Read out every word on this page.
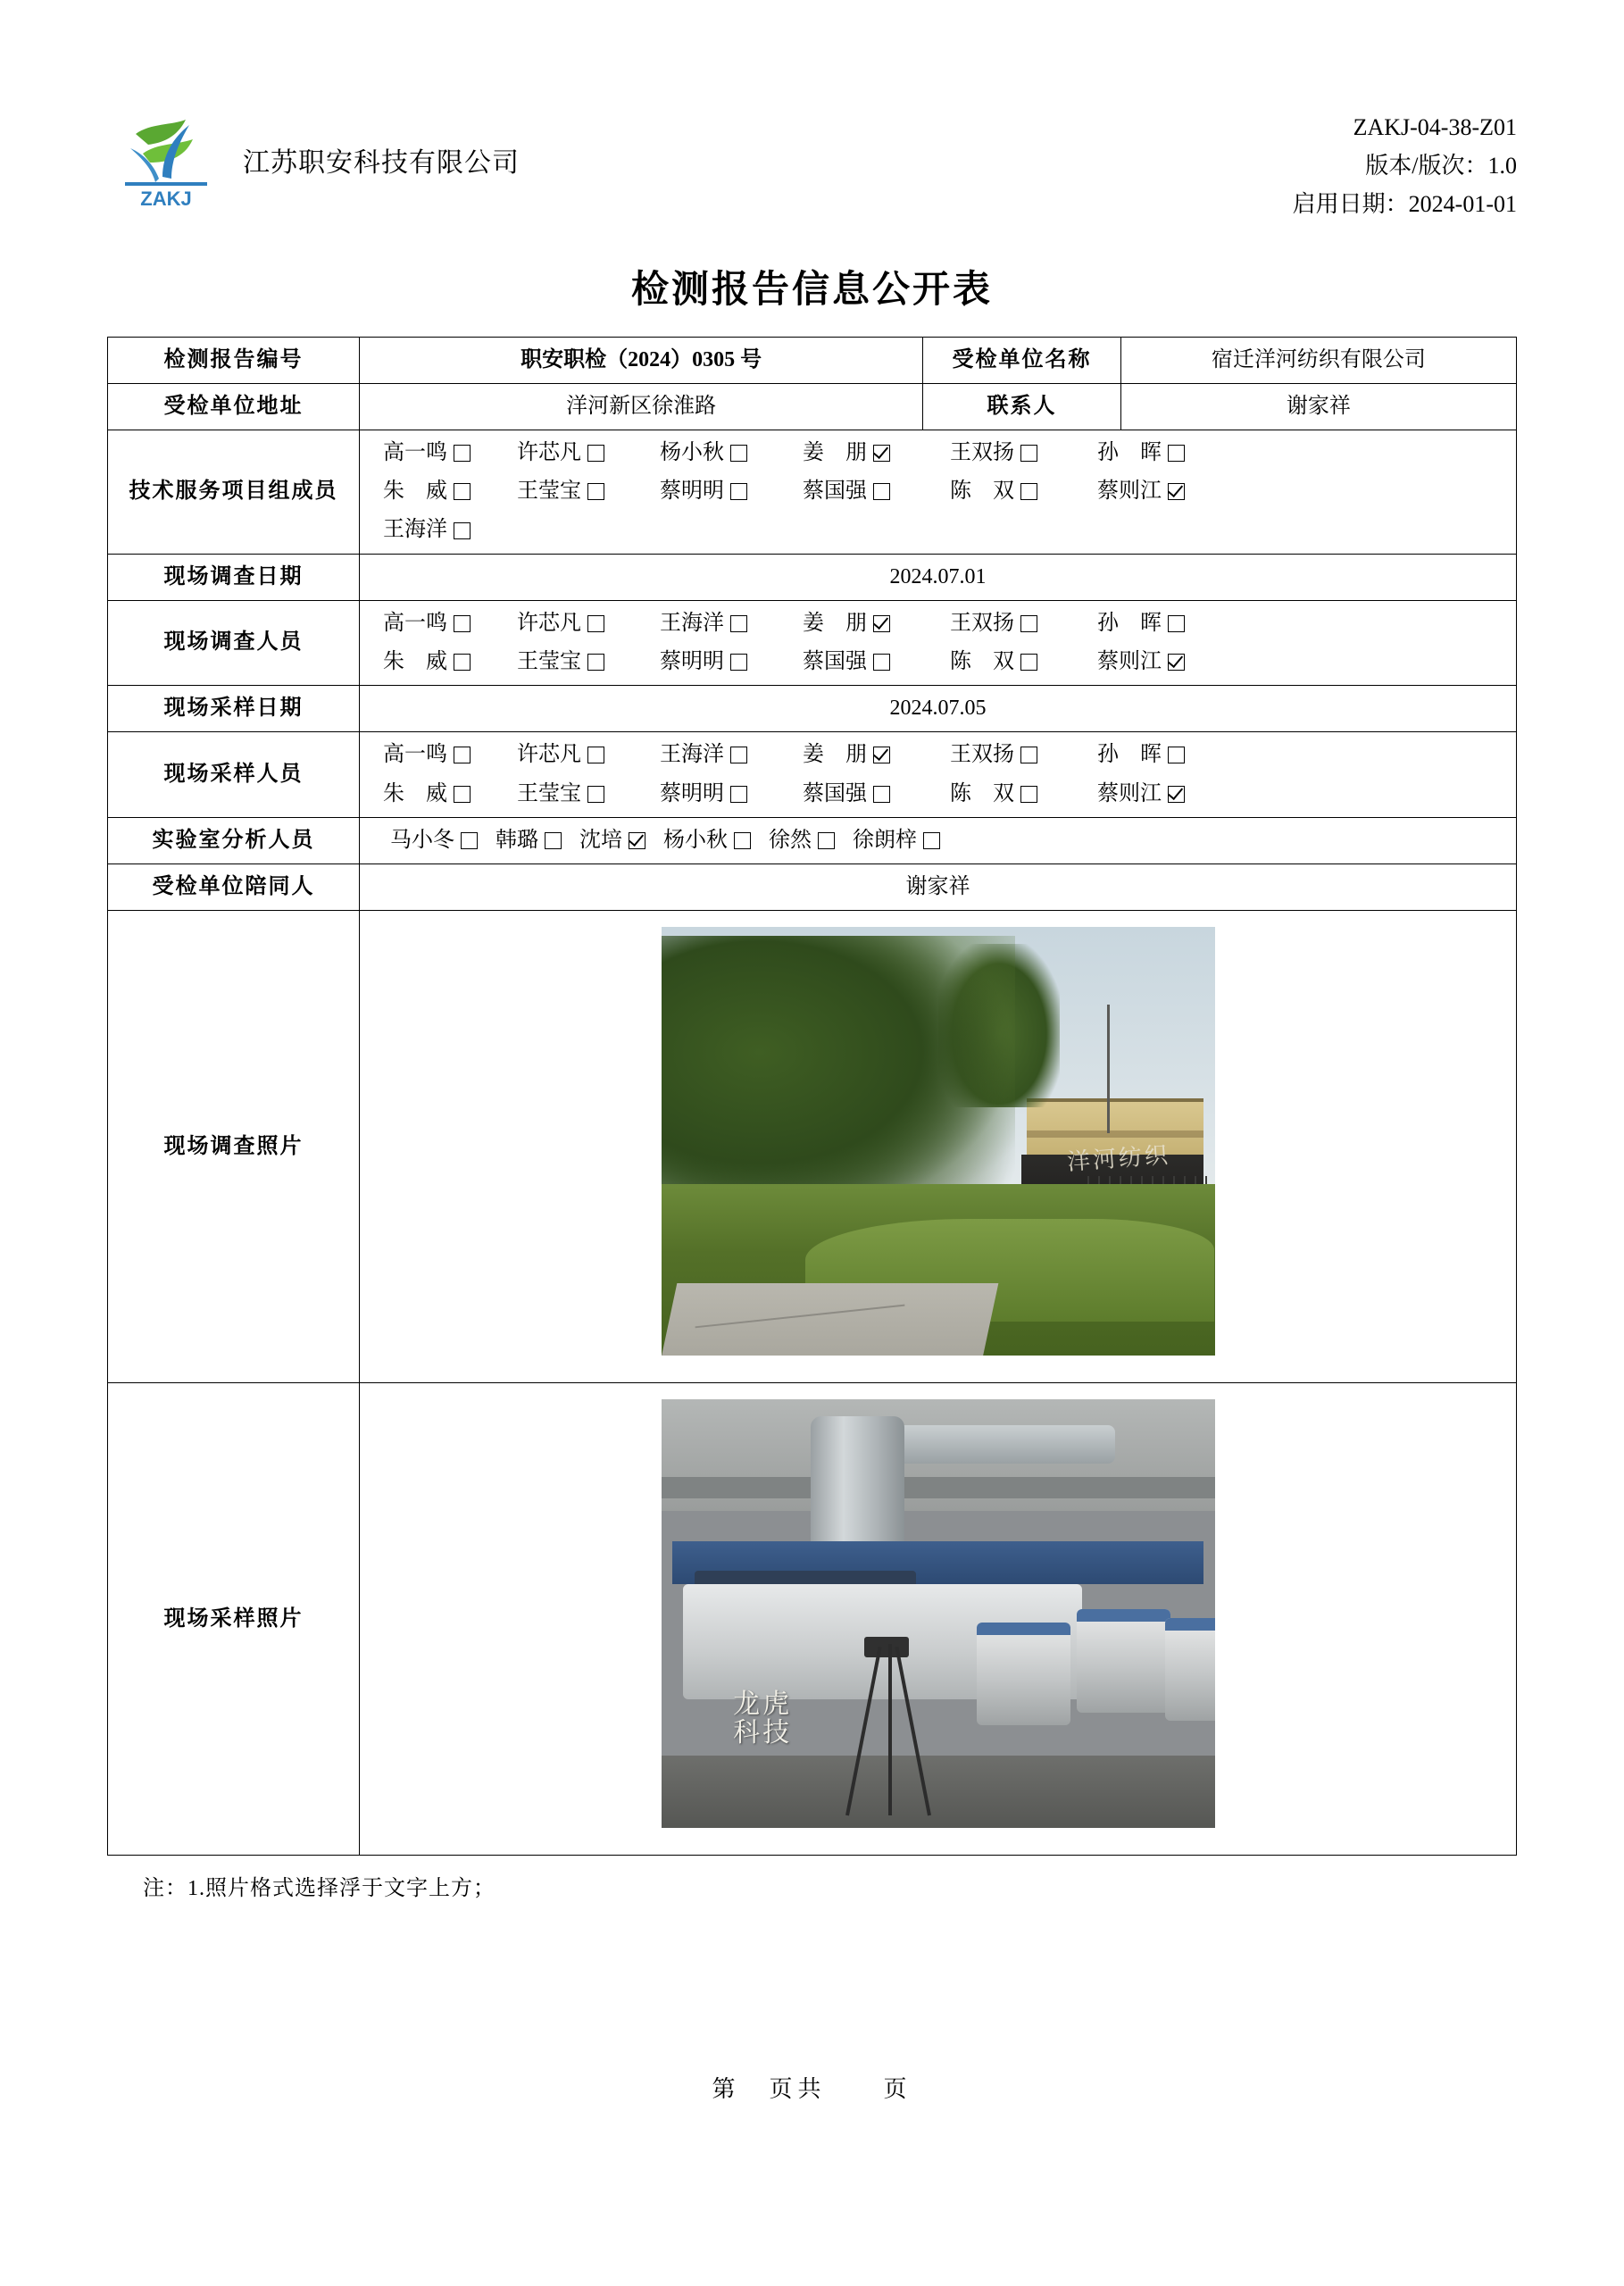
ZAKJ
江苏职安科技有限公司
ZAKJ-04-38-Z01
版本/版次：1.0
启用日期：2024-01-01
检测报告信息公开表
检测报告编号	职安职检（2024）0305 号	受检单位名称	宿迁洋河纺织有限公司
受检单位地址	洋河新区徐淮路	联系人	谢家祥
技术服务项目组成员	
高一鸣	许芯凡	杨小秋	姜　朋	王双扬	孙　晖
朱　威	王莹宝	蔡明明	蔡国强	陈　双	蔡则江
王海洋

现场调查日期	2024.07.01		
现场调查人员	
高一鸣	许芯凡	王海洋	姜　朋	王双扬	孙　晖
朱　威	王莹宝	蔡明明	蔡国强	陈　双	蔡则江

现场采样日期	2024.07.05		
现场采样人员	
高一鸣	许芯凡	王海洋	姜　朋	王双扬	孙　晖
朱　威	王莹宝	蔡明明	蔡国强	陈　双	蔡则江

实验室分析人员	马小冬 韩璐 沈培 杨小秋 徐然 徐朗梓

受检单位陪同人	谢家祥		
现场调查照片	洋河纺织		

现场采样照片	龙虎
科技		
注：1.照片格式选择浮于文字上方；
第　页共　　页
